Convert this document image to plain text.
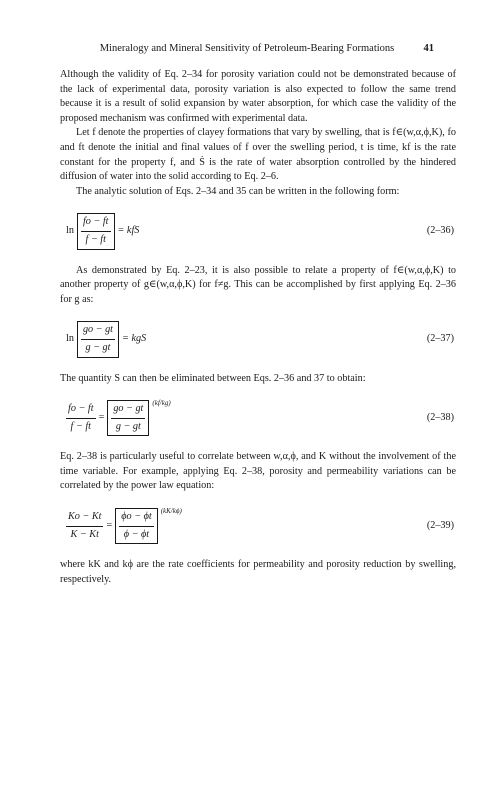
Mineralogy and Mineral Sensitivity of Petroleum-Bearing Formations	41

Although the validity of Eq. 2–34 for porosity variation could not be demonstrated because of the lack of experimental data, porosity variation is also expected to follow the same trend because it is a result of solid expansion by water absorption, for which case the validity of the proposed mechanism was confirmed with experimental data.

Let f denote the properties of clayey formations that vary by swelling, that is f∈(w,α,ϕ,K), fo and ft denote the initial and final values of f over the swelling period, t is time, kf is the rate constant for the property f, and Ṡ is the rate of water absorption controlled by the hindered diffusion of water into the solid according to Eq. 2–6.

The analytic solution of Eqs. 2–34 and 35 can be written in the following form:

$\ln \frac{fo - ft}{f - ft}$ = kfS	(2–36)

As demonstrated by Eq. 2–23, it is also possible to relate a property of f∈(w,α,ϕ,K) to another property of g∈(w,α,ϕ,K) for f≠g. This can be accomplished by first applying Eq. 2–36 for g as:

$\ln \frac{go - gt}{g - gt}$ = kgS	(2–37)

The quantity S can then be eliminated between Eqs. 2–36 and 37 to obtain:

$\frac{fo - ft}{f - ft} = \frac{go - gt}{g - gt} (kf/kg)$
(2–38)

Eq. 2–38 is particularly useful to correlate between w,α,ϕ, and K without the involvement of the time variable. For example, applying Eq. 2–38, porosity and permeability variations can be correlated by the power law equation:

$\frac{Ko - Kt}{K - Kt} = \frac{\phi o - \phi t}{\phi - \phi t} (kK/k\phi)$
(2–39)

where kK and kϕ are the rate coefficients for permeability and porosity reduction by swelling, respectively.
